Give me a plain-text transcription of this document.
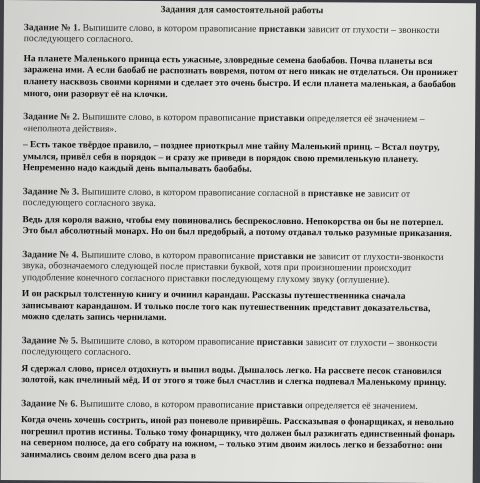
Задания для самостоятельной работы
Задание № 1. Выпишите слово, в котором правописание приставки зависит от глухости – звонкости последующего согласного.
На планете Маленького принца есть ужасные, зловредные семена баобабов. Почва планеты вся заражена ими. А если баобаб не распознать вовремя, потом от него никак не отделаться. Он пронижет планету насквозь своими корнями и сделает это очень быстро. И если планета маленькая, а баобабов много, они разорвут её на клочки.
Задание № 2. Выпишите слово, в котором правописание приставки определяется её значением – «неполнота действия».
– Есть такое твёрдое правило, – позднее приоткрыл мне тайну Маленький принц. – Встал поутру, умылся, привёл себя в порядок – и сразу же приведи в порядок свою премиленькую планету. Непременно надо каждый день выпалывать баобабы.
Задание № 3. Выпишите слово, в котором правописание согласной в приставке не зависит от последующего согласного звука.
Ведь для короля важно, чтобы ему повиновались беспрекословно. Непокорства он бы не потерпел. Это был абсолютный монарх. Но он был предобрый, а потому отдавал только разумные приказания.
Задание № 4. Выпишите слово, в котором правописание приставки не зависит от глухости-звонкости звука, обозначаемого следующей после приставки буквой, хотя при произношении происходит уподобление конечного согласного приставки последующему глухому звуку (оглушение).
И он раскрыл толстенную книгу и очинил карандаш. Рассказы путешественника сначала записывают карандашом. И только после того как путешественник представит доказательства, можно сделать запись чернилами.
Задание № 5. Выпишите слово, в котором правописание приставки зависит от глухости – звонкости последующего согласного.
Я сдержал слово, присел отдохнуть и выпил воды. Дышалось легко. На рассвете песок становился золотой, как пчелиный мёд. И от этого я тоже был счастлив и слегка подпевал Маленькому принцу.
Задание № 6. Выпишите слово, в котором правописание приставки определяется её значением.
Когда очень хочешь сострить, иной раз поневоле привирёшь. Рассказывая о фонарщиках, я невольно погрешил против истины. Только тому фонарщику, что должен был разжигать единственный фонарь на северном полюсе, да его собрату на южном, – только этим двоим жилось легко и беззаботно: они занимались своим делом всего два раза в
